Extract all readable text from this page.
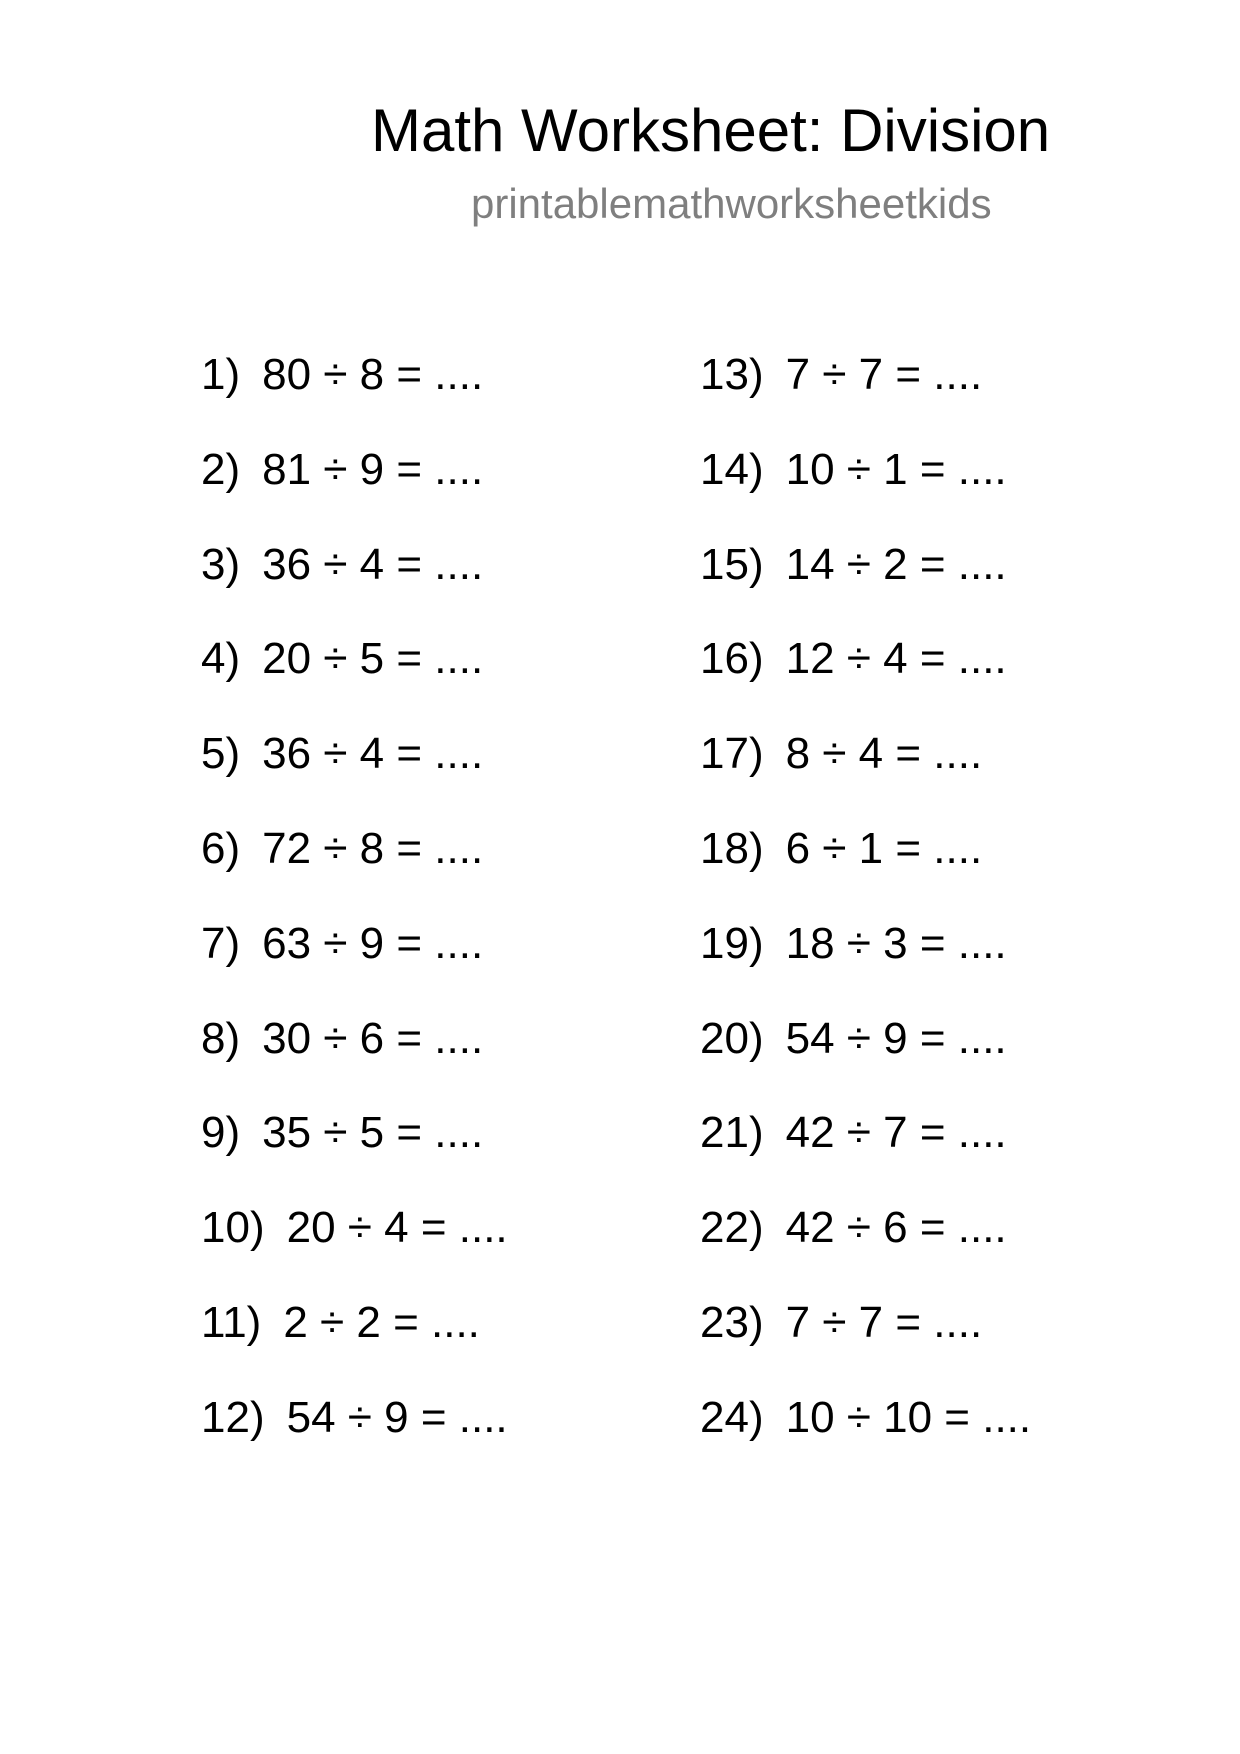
Math Worksheet: Division
printablemathworksheetkids
1) 80 ÷ 8 = ....
2) 81 ÷ 9 = ....
3) 36 ÷ 4 = ....
4) 20 ÷ 5 = ....
5) 36 ÷ 4 = ....
6) 72 ÷ 8 = ....
7) 63 ÷ 9 = ....
8) 30 ÷ 6 = ....
9) 35 ÷ 5 = ....
10) 20 ÷ 4 = ....
11) 2 ÷ 2 = ....
12) 54 ÷ 9 = ....
13) 7 ÷ 7 = ....
14) 10 ÷ 1 = ....
15) 14 ÷ 2 = ....
16) 12 ÷ 4 = ....
17) 8 ÷ 4 = ....
18) 6 ÷ 1 = ....
19) 18 ÷ 3 = ....
20) 54 ÷ 9 = ....
21) 42 ÷ 7 = ....
22) 42 ÷ 6 = ....
23) 7 ÷ 7 = ....
24) 10 ÷ 10 = ....
